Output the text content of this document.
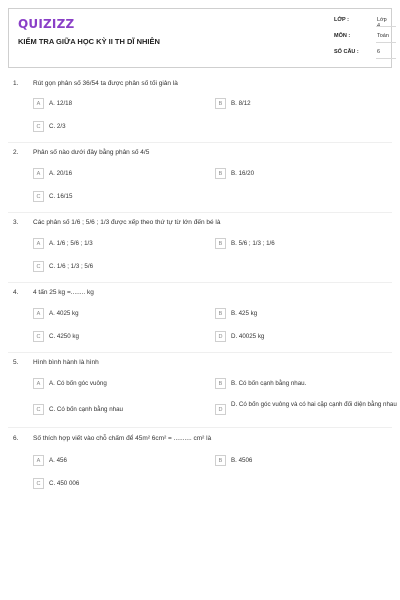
QUIZIZZ
KIỂM TRA GIỮA HỌC KỲ II TH DĨ NHIÊN
LỚP :	Lớp
MÔN :	Toán
SỐ CÂU :	6
1. Rút gọn phân số 36/54 ta được phân số tối giản là
A	A. 12/18	B	B. 8/12
C	C. 2/3
2. Phân số nào dưới đây bằng phân số 4/5
A	A. 20/16	B	B. 16/20
C	C. 16/15
3. Các phân số 1/6 ; 5/6 ; 1/3 được xếp theo thứ tự từ lớn đến bé là
A	A. 1/6 ; 5/6 ; 1/3	B	B. 5/6 ; 1/3 ; 1/6
C	C. 1/6 ; 1/3 ; 5/6
4. 4 tấn 25 kg =........ kg
A	A. 4025 kg	B	B. 425 kg
C	C. 4250 kg	D	D. 40025 kg
5. Hình bình hành là hình
A	A. Có bốn góc vuông	B	B. Có bốn cạnh bằng nhau.
C	C. Có bốn cạnh bằng nhau	D
D. Có bốn góc vuông và có hai cặp cạnh đối diện bằng nhau
6. Số thích hợp viết vào chỗ chấm để 45m² 6cm² = .......... cm² là
A	A. 456	B	B. 4506
C	C. 450 006
